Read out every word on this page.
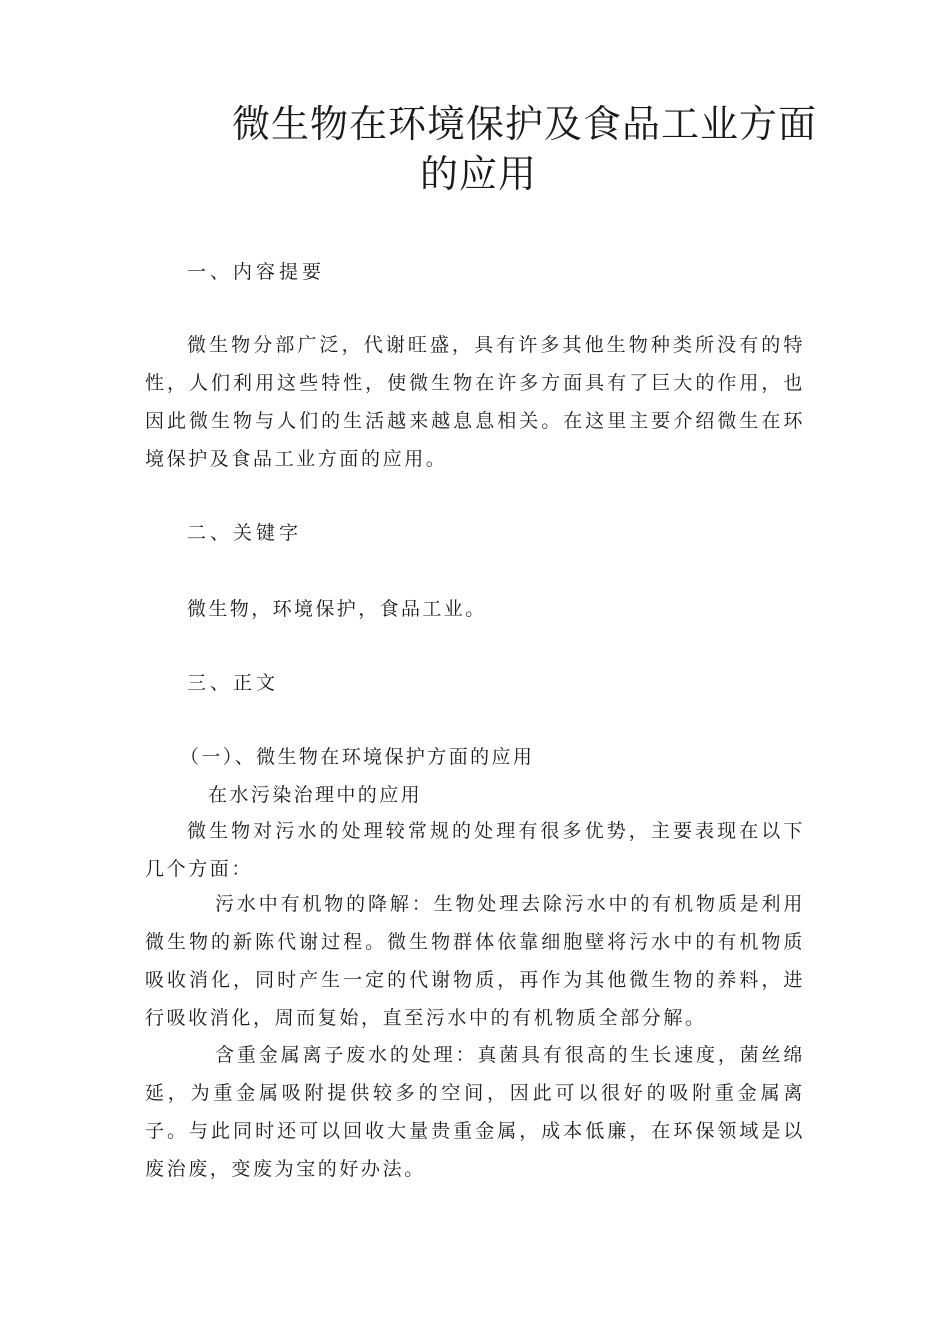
微生物在环境保护及食品工业方面
的应用
一、内容提要
微生物分部广泛，代谢旺盛，具有许多其他生物种类所没有的特性，人们利用这些特性，使微生物在许多方面具有了巨大的作用，也因此微生物与人们的生活越来越息息相关。在这里主要介绍微生在环境保护及食品工业方面的应用。
二、关键字
微生物，环境保护，食品工业。
三、正文
（一）、微生物在环境保护方面的应用
在水污染治理中的应用
微生物对污水的处理较常规的处理有很多优势，主要表现在以下几个方面：
污水中有机物的降解：生物处理去除污水中的有机物质是利用微生物的新陈代谢过程。微生物群体依靠细胞壁将污水中的有机物质吸收消化，同时产生一定的代谢物质，再作为其他微生物的养料，进行吸收消化，周而复始，直至污水中的有机物质全部分解。
含重金属离子废水的处理：真菌具有很高的生长速度，菌丝绵延，为重金属吸附提供较多的空间，因此可以很好的吸附重金属离子。与此同时还可以回收大量贵重金属，成本低廉，在环保领域是以废治废，变废为宝的好办法。
